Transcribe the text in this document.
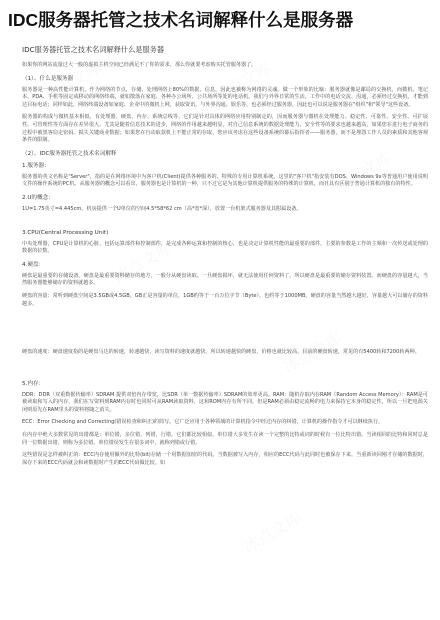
IDC服务器托管之技术名词解释什么是服务器
IDC服务器托管之技术名词解释什么是服务器

如果你的网站流量过大一般的虚拟主机空间已经满足不了你的需求，那么你就要考虑购买托管服务器了。

（1）、什么是服务器

服务器是一种高性能计算机，作为网络的节点，存储、处理网络上80%的数据、信息，因此也被称为网络的灵魂。做一个形象的比喻：服务器就像是邮局的交换机，而微机、笔记本、PDA、手机等固定或移动的网络终端，就如散落在家庭、各种办公场所、公共场所等处的电话机。我们与外界日常的生活、工作中的电话交流、沟通，必须经过交换机，才能到达目标电话；同样如此，网络终端设备如家庭、企业中的微机上网，获取资讯，与外界沟通、娱乐等，也必须经过服务器，因此也可以说是服务器在"组织"和"领导"这些设备。

服务器的构成与微机基本相似，有处理器、硬盘、内存、系统总线等，它们是针对具体的网络应用特别制定的，因而服务器与微机在处理能力、稳定性、可靠性、安全性、可扩展性、可管理性等方面存在差异很大。尤其是随着信息技术的进步，网络的作用越来越明显，对自己信息系统的数据处理能力、安全性等的要求也越来越高，如果您在进行电子商务的过程中被黑客窃走密码、损失关键商业数据；如果您在自动取款机上不能正常的存取，您应该考虑在这些设备系统的幕后指挥者——服务器，而不是埋怨工作人员的素质和其他客观条件的限制。

（2）、IDC服务器托管之技术名词解释

1.服务器：

服务器的英文名称是"Server"，指的是在网络环境中为客户机(Client)提供各种服务的、特殊的专用计算机系统。这里的"客户机"指安装有DOS、Windows 9x等普通用户使用说明文件的操作系统的PC机。从服务器的概念可以看出，服务器也是计算机的一种，只不过它是为其他计算机提供服务的特殊的计算机，而且具有区别于普通计算机的独有的特性。

2.U的概念：

1U=1.75英寸=4.445cm。机房提供一个U单位的空间4.5*58*62 cm（高*宽*深），放置一台机架式服务器及其附属设备。

3.CPU(Central Processing Unit)

中央处理器，CPU是计算机的心脏，包括运算部件和控制部件，是完成各种运算和控制的核心，也是决定计算机性能的最重要的部件。主要的参数是工作的主频和一次传送或处理的数据的位数。

4.硬盘：

硬盘是最重要的存储设备。硬盘是最重要资料储存的地方，一般分从硬盘读取。一旦硬盘损坏，就无法使用任何资料了，所以硬盘是最重要的储存资料装置。而硬盘的容量越大，当然服务器能够储存的资料就越多。

硬盘的容量：常听到硬盘空间是3.5GB或4.5GB。GB正是容量的单位，1GB约等于一百万位字节（Byte），也约等于1000MB。硬盘的容量当然越大越好，容量越大可以储存的资料越多。

硬盘的速度：硬盘速度指的是硬盘马达的转速，转速越快，读写资料的速度就越快。所以转速越快的硬盘，价格也就比较高。目前的硬盘转速，常见的有5400转和7200转两种。

5.内存：

DDR：DDR（双重数据传输率）SDRAM 提供双倍内存带宽，比SDR（单一数据传输率）SDRAM的效率更高。RAM：随机存取内存RAM（Random Access Memory）：RAM是可被读取和写入的内存，我们在写资料到RAM内存时也同时可从RAM读取资料，这和ROM内存有所不同。但是RAM必须由稳定流畅的电力来保持它本身的稳定性，所以一旦把电源关闭则原先在RAM里头的资料将随之消失。

ECC：Error Checking and Correcting(错误检查和纠正)的简写。它广泛应用于各种领域的计算机指令中经过内存的纠错，计算机的操作指令才可以继续执行。

在内存中绝大多数常见的出错都是：单位错，多位错，列错，行错。它们都比较相似。单位错大多发生在读一个完整的比特或词的时候有一位比特出错。当读相同的比特和同时总是同一位数据出错，则称为多位错。单位错误发生在很多词中，就称列错或行错。

这些错误是怎样被纠正的：ECC内存使用额外的比特(bit)存储一个用数据加密的代码。当数据被写入内存，相应的ECC代码与此同时也被保存下来。当重新读回刚才存储的数据时，保存下来的ECC代码就会和读数据时产生的ECC代码做比较。如
